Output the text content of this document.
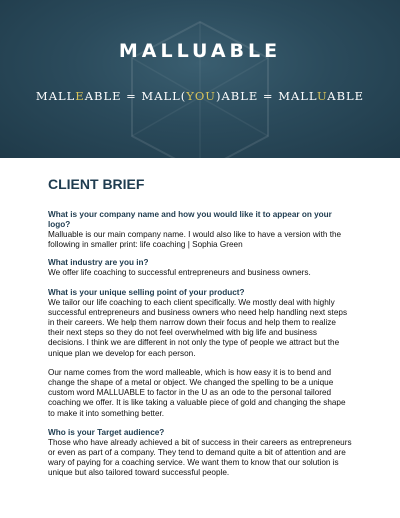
MALLUABLE
MALLEABLE = MALL(YOU)ABLE = MALLUABLE
CLIENT BRIEF

What is your company name and how you would like it to appear on your logo?

Malluable is our main company name. I would also like to have a version with the following in smaller print: life coaching | Sophia Green

What industry are you in?

We offer life coaching to successful entrepreneurs and business owners.

What is your unique selling point of your product?

We tailor our life coaching to each client specifically. We mostly deal with highly successful entrepreneurs and business owners who need help handling next steps in their careers. We help them narrow down their focus and help them to realize their next steps so they do not feel overwhelmed with big life and business decisions. I think we are different in not only the type of people we attract but the unique plan we develop for each person.

Our name comes from the word malleable, which is how easy it is to bend and change the shape of a metal or object. We changed the spelling to be a unique custom word MALLUABLE to factor in the U as an ode to the personal tailored coaching we offer. It is like taking a valuable piece of gold and changing the shape to make it into something better.

Who is your Target audience?

Those who have already achieved a bit of success in their careers as entrepreneurs or even as part of a company. They tend to demand quite a bit of attention and are wary of paying for a coaching service. We want them to know that our solution is unique but also tailored toward successful people.
